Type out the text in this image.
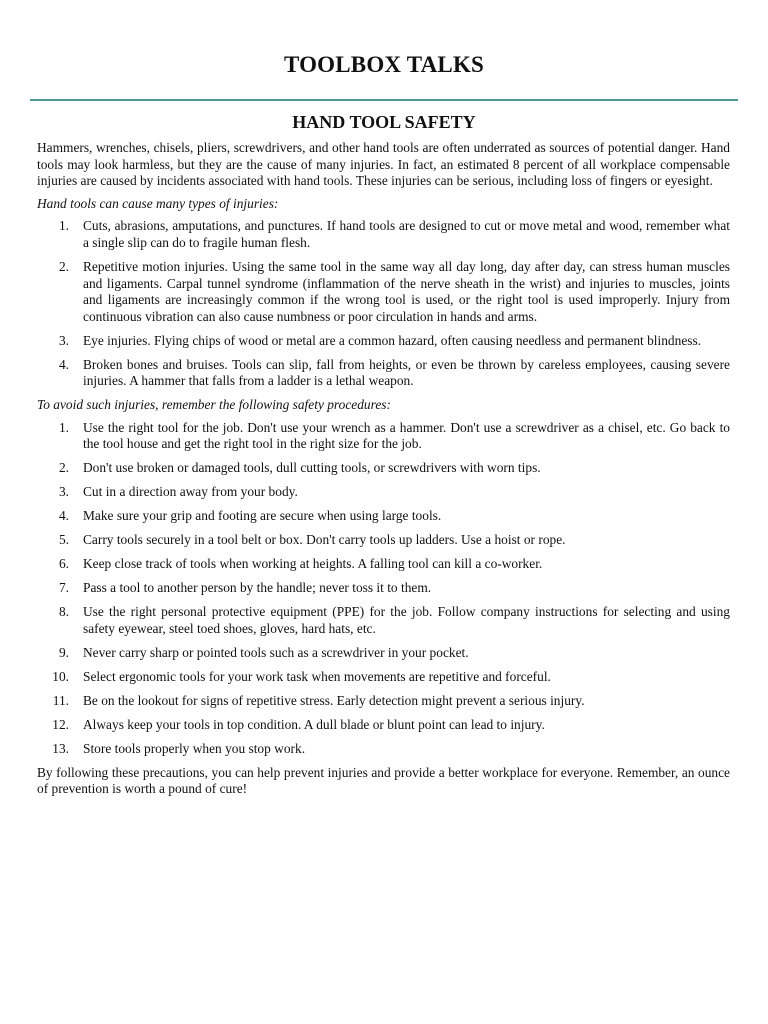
TOOLBOX TALKS
HAND TOOL SAFETY

Hammers, wrenches, chisels, pliers, screwdrivers, and other hand tools are often underrated as sources of potential danger. Hand tools may look harmless, but they are the cause of many injuries. In fact, an estimated 8 percent of all workplace compensable injuries are caused by incidents associated with hand tools. These injuries can be serious, including loss of fingers or eyesight.

Hand tools can cause many types of injuries:

1. Cuts, abrasions, amputations, and punctures. If hand tools are designed to cut or move metal and wood, remember what a single slip can do to fragile human flesh.
2. Repetitive motion injuries. Using the same tool in the same way all day long, day after day, can stress human muscles and ligaments. Carpal tunnel syndrome (inflammation of the nerve sheath in the wrist) and injuries to muscles, joints and ligaments are increasingly common if the wrong tool is used, or the right tool is used improperly. Injury from continuous vibration can also cause numbness or poor circulation in hands and arms.
3. Eye injuries. Flying chips of wood or metal are a common hazard, often causing needless and permanent blindness.
4. Broken bones and bruises. Tools can slip, fall from heights, or even be thrown by careless employees, causing severe injuries. A hammer that falls from a ladder is a lethal weapon.

To avoid such injuries, remember the following safety procedures:

1. Use the right tool for the job. Don't use your wrench as a hammer. Don't use a screwdriver as a chisel, etc. Go back to the tool house and get the right tool in the right size for the job.
2. Don't use broken or damaged tools, dull cutting tools, or screwdrivers with worn tips.
3. Cut in a direction away from your body.
4. Make sure your grip and footing are secure when using large tools.
5. Carry tools securely in a tool belt or box. Don't carry tools up ladders. Use a hoist or rope.
6. Keep close track of tools when working at heights. A falling tool can kill a co-worker.
7. Pass a tool to another person by the handle; never toss it to them.
8. Use the right personal protective equipment (PPE) for the job. Follow company instructions for selecting and using safety eyewear, steel toed shoes, gloves, hard hats, etc.
9. Never carry sharp or pointed tools such as a screwdriver in your pocket.
10. Select ergonomic tools for your work task when movements are repetitive and forceful.
11. Be on the lookout for signs of repetitive stress. Early detection might prevent a serious injury.
12. Always keep your tools in top condition. A dull blade or blunt point can lead to injury.
13. Store tools properly when you stop work.

By following these precautions, you can help prevent injuries and provide a better workplace for everyone. Remember, an ounce of prevention is worth a pound of cure!
